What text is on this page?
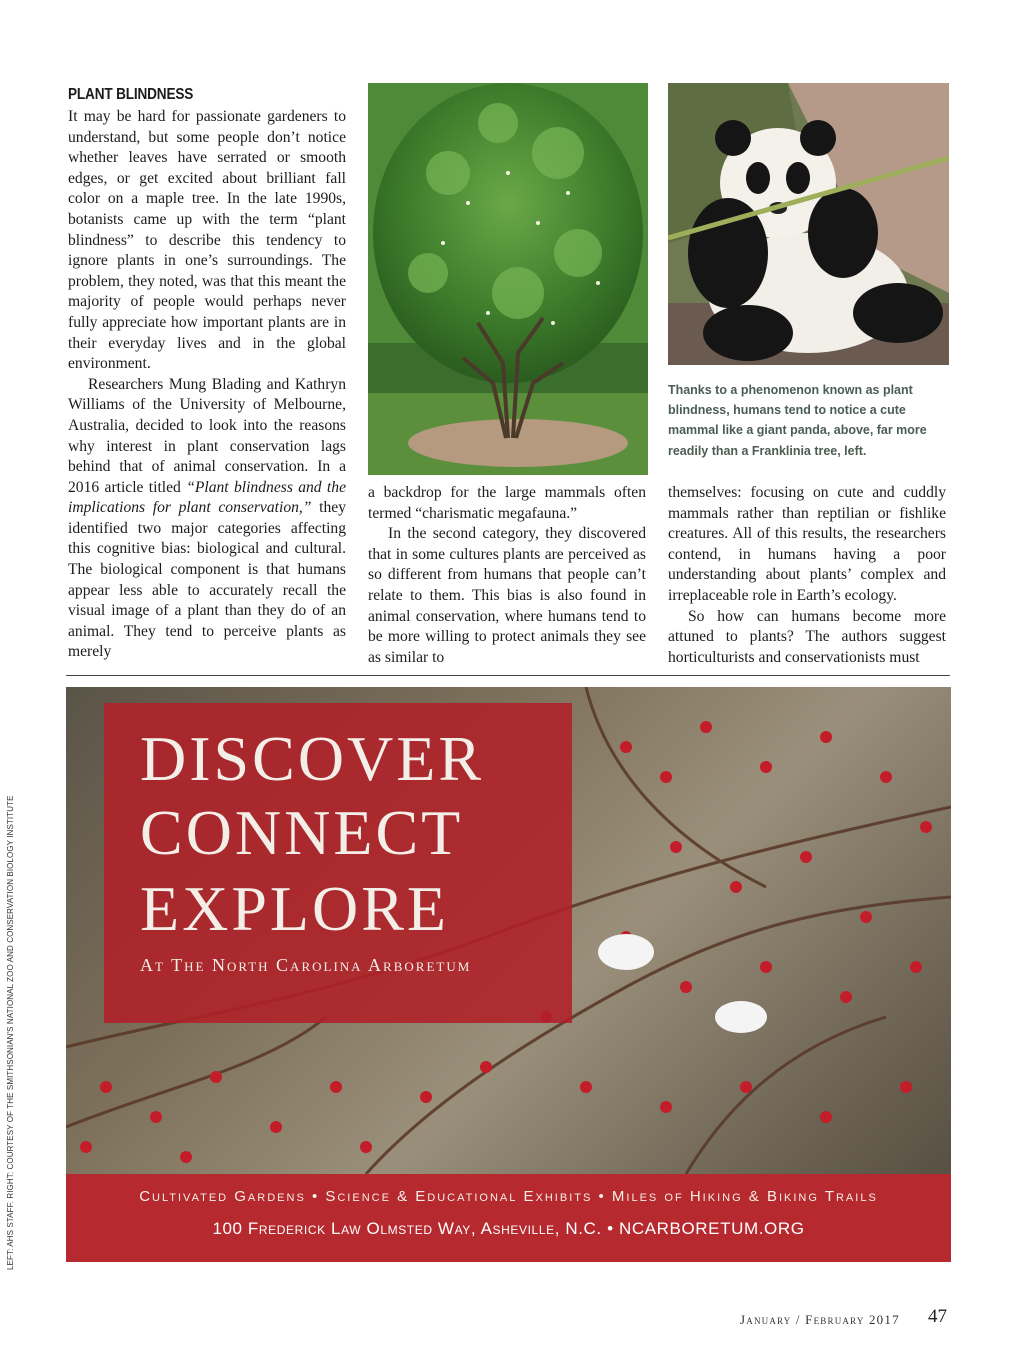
PLANT BLINDNESS

It may be hard for passionate gardeners to understand, but some people don’t notice whether leaves have serrated or smooth edges, or get excited about brilliant fall color on a maple tree. In the late 1990s, botanists came up with the term “plant blindness” to describe this tendency to ignore plants in one’s surroundings. The problem, they noted, was that this meant the majority of people would perhaps never fully appreciate how important plants are in their everyday lives and in the global environment.

Researchers Mung Blading and Kathryn Williams of the University of Melbourne, Australia, decided to look into the reasons why interest in plant conservation lags behind that of animal conservation. In a 2016 article titled “Plant blindness and the implications for plant conservation,” they identified two major categories affecting this cognitive bias: biological and cultural. The biological component is that humans appear less able to accurately recall the visual image of a plant than they do of an animal. They tend to perceive plants as merely

a backdrop for the large mammals often termed “charismatic megafauna.”

In the second category, they discovered that in some cultures plants are perceived as so different from humans that people can’t relate to them. This bias is also found in animal conservation, where humans tend to be more willing to protect animals they see as similar to

themselves: focusing on cute and cuddly mammals rather than reptilian or fishlike creatures. All of this results, the researchers contend, in humans having a poor understanding about plants’ complex and irreplaceable role in Earth’s ecology.

So how can humans become more attuned to plants? The authors suggest horticulturists and conservationists must

Thanks to a phenomenon known as plant
blindness, humans tend to notice a cute
mammal like a giant panda, above, far more
readily than a Franklinia tree, left.
DISCOVER
CONNECT
EXPLORE
At The North Carolina Arboretum
Cultivated Gardens • Science & Educational Exhibits • Miles of Hiking & Biking Trails
100 Frederick Law Olmsted Way, Asheville, N.C. • NCARBORETUM.ORG
LEFT: AHS STAFF. RIGHT: COURTESY OF THE SMITHSONIAN'S NATIONAL ZOO AND CONSERVATION BIOLOGY INSTITUTE
January / February 2017 47
